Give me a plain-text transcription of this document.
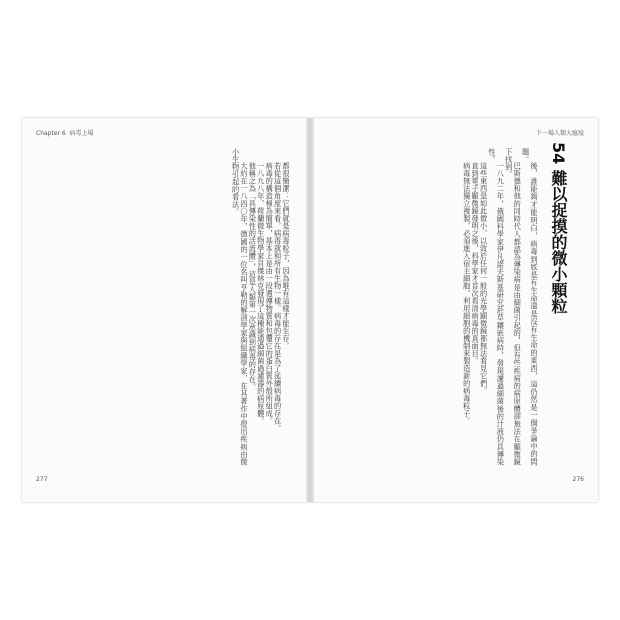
Chapter 6 病毒上場

都很簡潔：它們就是病毒粒子，因為唯有這樣才能生存。

若從這個角度來看，病毒就和所有生物一樣。病毒的存在是為了延續病毒的存在。

病毒的構造極為簡單，基本上是由一段遺傳物質和包覆它的蛋白質外殼所組成。

一八九八年，荷蘭微生物學家貝傑林克發現了這種能通過細菌過濾器的病原體。

他稱之為「具傳染性的活流體」，這是人類第一次意識到病毒的存在。

大約在一八四〇年，德國的一位名叫亨勒的解剖學家與組織學家，在其著作中提出疾病由微小生物引起的看法。

277
下一場人類大瘟疫
54 難以捉摸的微小顆粒

後，誰能夠才能明白，病毒到底是有生命還是沒有生命的東西，這仍然是一個爭論中的問題。

巴斯德和他的同時代人都認為傳染病是由細菌引起的，但有些疾病的病原體卻無法在顯微鏡下找到。

一八九二年，俄國科學家伊凡諾夫斯基研究菸草鑲嵌病時，發現濾過細菌後的汁液仍具傳染性。

這些東西是如此微小，以致於任何一般的光學顯微鏡都無法看見它們。

直到電子顯微鏡發明之後，科學家才首次看清病毒的真面目。

病毒無法獨立複製，必須進入宿主細胞，利用細胞的機制來製造新的病毒粒子。

276
